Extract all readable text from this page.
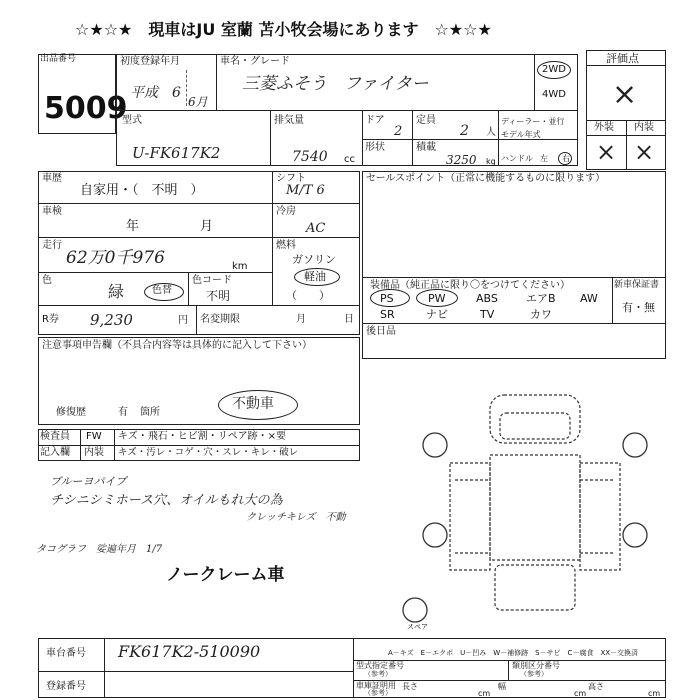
☆★☆★　現車はJU 室蘭 苫小牧会場にあります　☆★☆★
出品番号
5009
初度登録年月
平成 6
6月
車名・グレード
三菱ふそう　ファイター
2WD
4WD
型式
U-FK617K2
排気量
7540 cc
ドア
2
定員
2 人
ディーラー・並行
モデル年式
形状	積載
3250 kg ハンドル 左 右
評価点
×
外装 内装
× ×
車歴
自家用・（　不明　）
シフト
M/T 6
車検
年	月
冷房
AC
走行
62万0千976	km
燃料
ガソリン
軽油
（　　）
色
緑	色替
色コード
不明
R券 9,230	円 名変期限	月	日
セールスポイント（正常に機能するものに限ります）
装備品（純正品に限り〇をつけてください）	新車保証書
有・無
PS	PW	ABS	エアB AW
SR	ナビ	TV	カワ
後日品
注意事項申告欄（不具合内容等は具体的に記入して下さい）
修復歴	有 箇所
不動車
検査員 FW キズ・飛石・ヒビ割・リペア跡・×要
記入欄 内装 キズ・汚レ・コゲ・穴・スレ・キレ・破レ
ブルーヨパイプ
チシニシミホース穴、オイルもれ大の為
クレッチキレズ　不動
タコグラフ　娑遍年月　1/7
ノークレーム車
スペア
A－キズ　E－エクボ　U－凹み　W－補修跡　S－サビ　C－腐食　XX－交換済
車台番号 FK617K2-510090
登録番号
型式指定番号
（参考）
類別区分番号
（参考）
車庫証明用
（参考）
長さ
cm
幅
cm
高さ
cm
